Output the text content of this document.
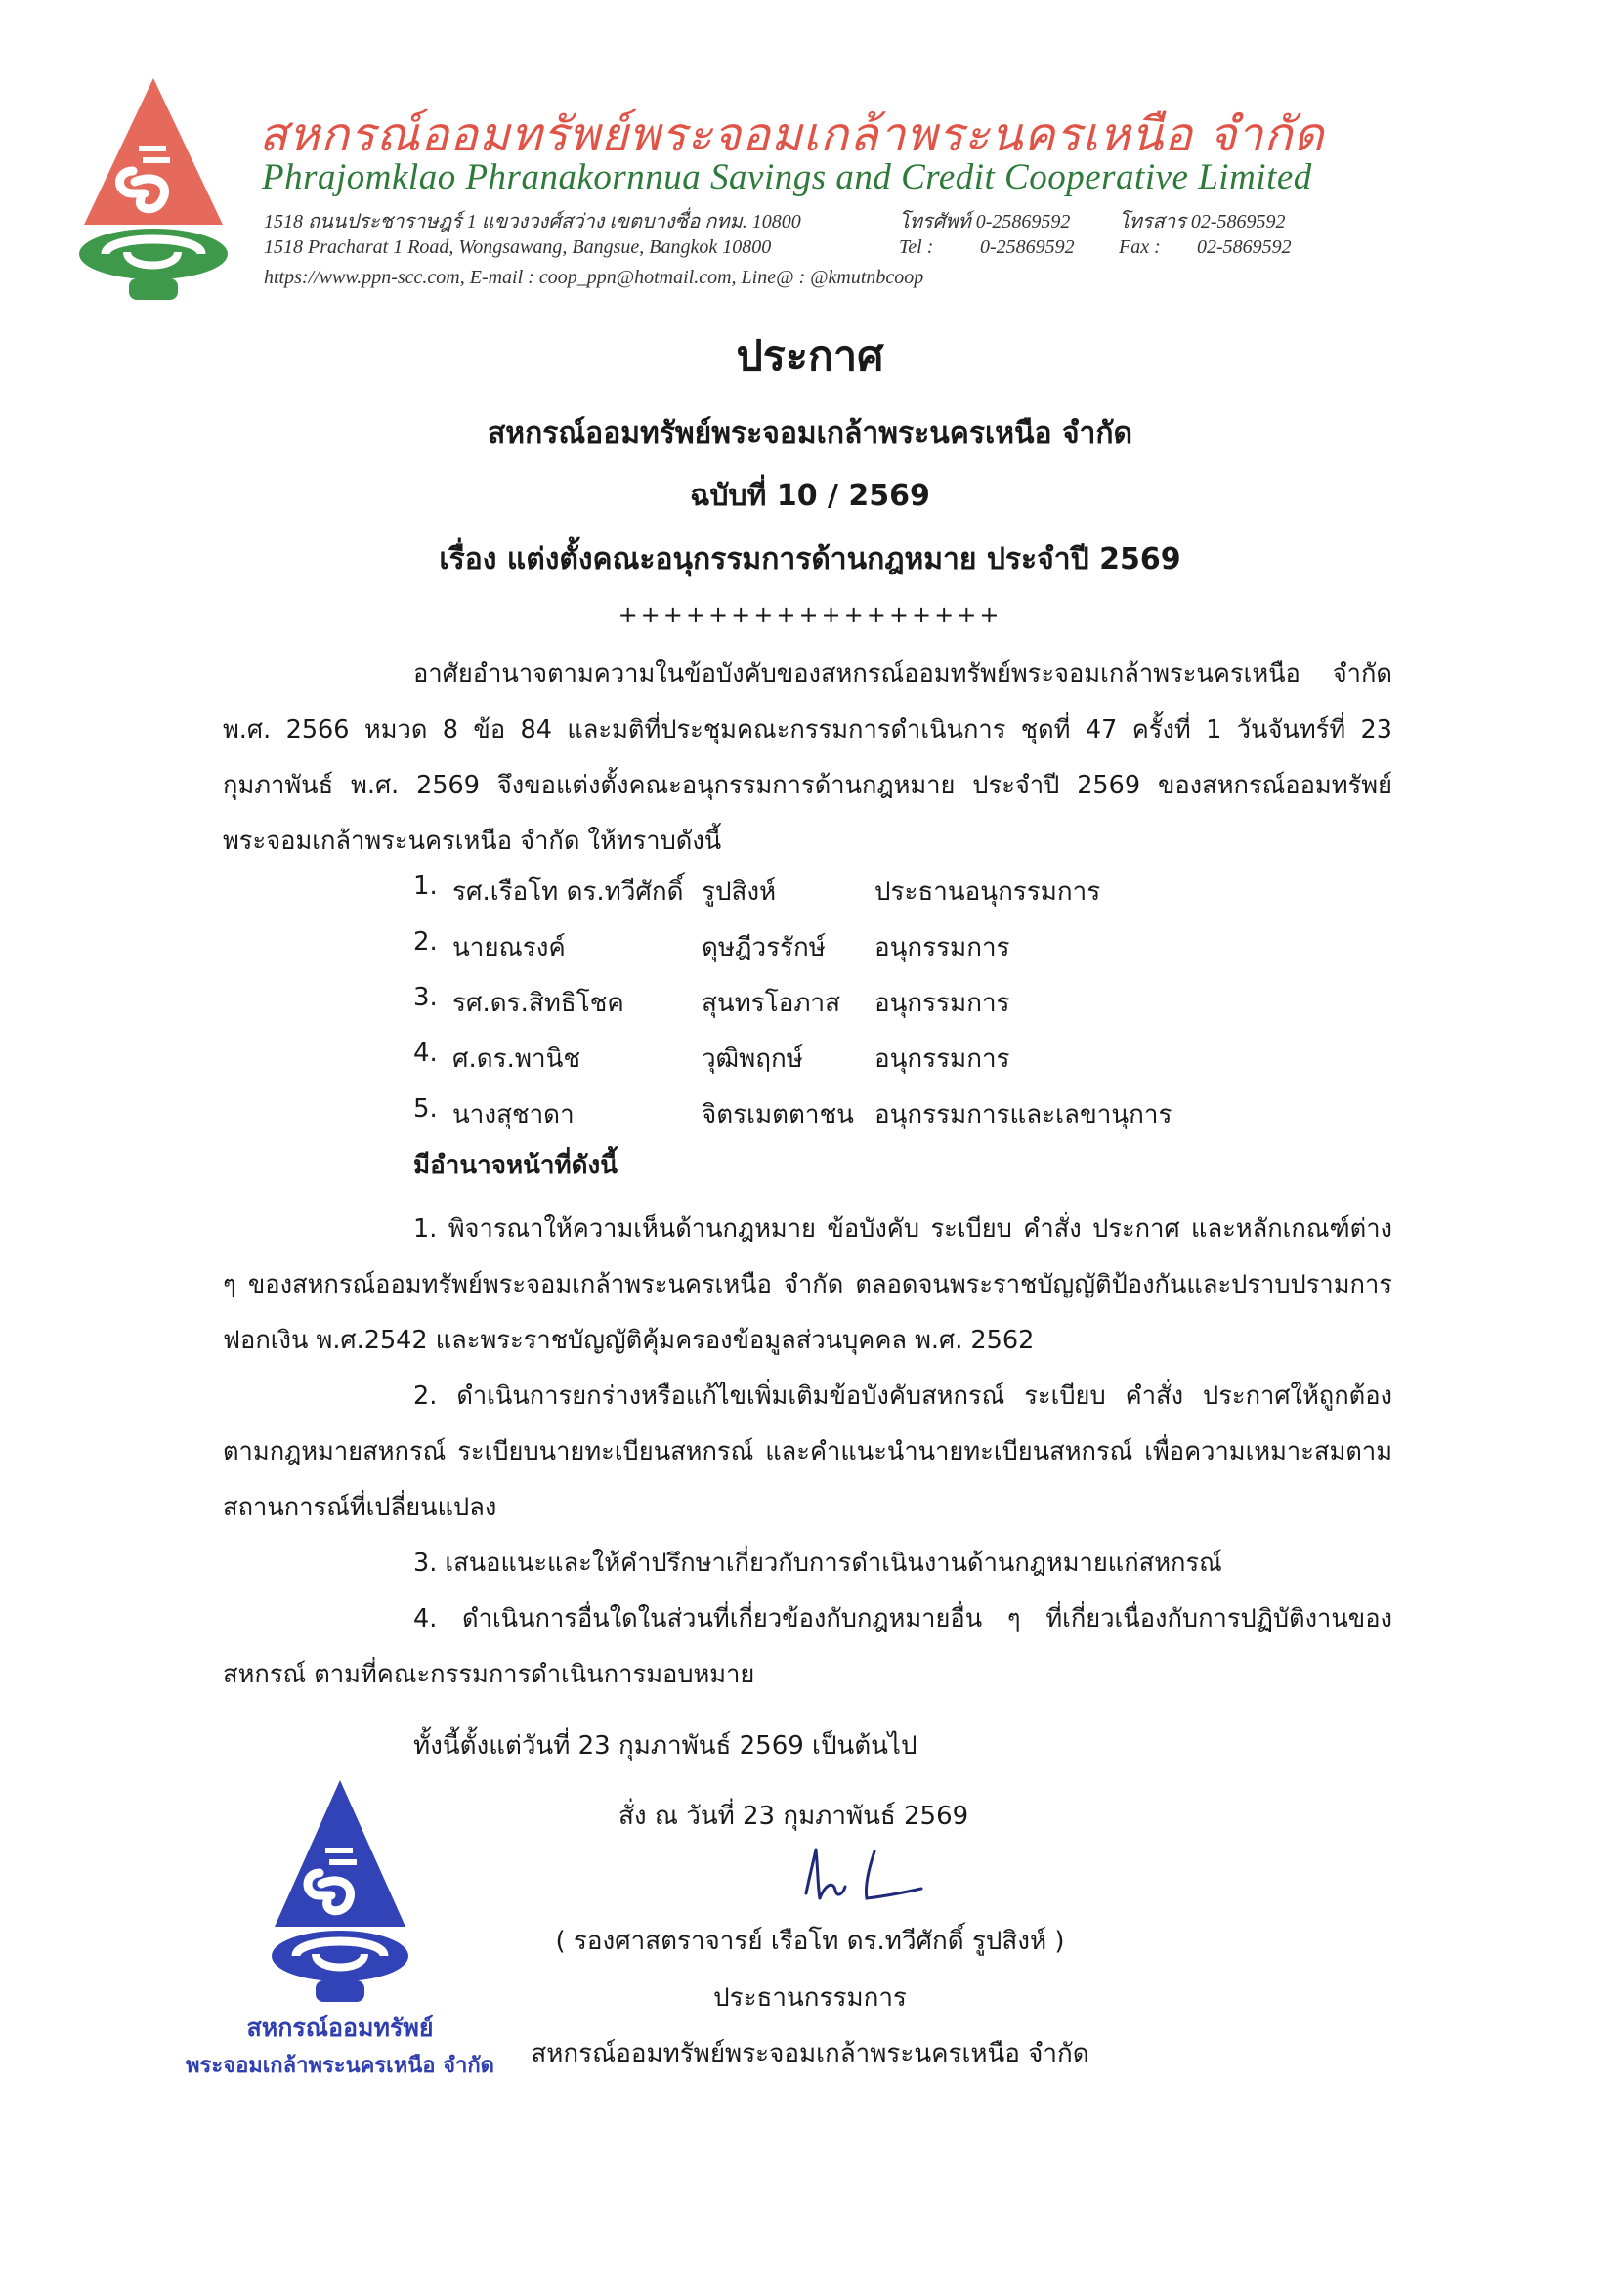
สหกรณ์ออมทรัพย์พระจอมเกล้าพระนครเหนือ จำกัด
Phrajomklao Phranakornnua Savings and Credit Cooperative Limited
1518 ถนนประชาราษฎร์ 1 แขวงวงศ์สว่าง เขตบางซื่อ กทม. 10800	โทรศัพท์ 0-25869592 โทรสาร 02-5869592
1518 Pracharat 1 Road, Wongsawang, Bangsue, Bangkok 10800	Tel : 0-25869592 Fax : 02-5869592
https://www.ppn-scc.com, E-mail : coop_ppn@hotmail.com, Line@ : @kmutnbcoop
ประกาศ
สหกรณ์ออมทรัพย์พระจอมเกล้าพระนครเหนือ จำกัด
ฉบับที่ 10 / 2569
เรื่อง แต่งตั้งคณะอนุกรรมการด้านกฎหมาย ประจำปี 2569
+++++++++++++++++
อาศัยอำนาจตามความในข้อบังคับของสหกรณ์ออมทรัพย์พระจอมเกล้าพระนครเหนือ จำกัด พ.ศ. 2566 หมวด 8 ข้อ 84 และมติที่ประชุมคณะกรรมการดำเนินการ ชุดที่ 47 ครั้งที่ 1 วันจันทร์ที่ 23 กุมภาพันธ์ พ.ศ. 2569 จึงขอแต่งตั้งคณะอนุกรรมการด้านกฎหมาย ประจำปี 2569 ของสหกรณ์ออมทรัพย์พระจอมเกล้าพระนครเหนือ จำกัด ให้ทราบดังนี้
1. รศ.เรือโท ดร.ทวีศักดิ์ รูปสิงห์	ประธานอนุกรรมการ
2. นายณรงค์	ดุษฎีวรรักษ์ อนุกรรมการ
3. รศ.ดร.สิทธิโชค	สุนทรโอภาส อนุกรรมการ
4. ศ.ดร.พานิช	วุฒิพฤกษ์	อนุกรรมการ
5. นางสุชาดา	จิตรเมตตาชน อนุกรรมการและเลขานุการ
มีอำนาจหน้าที่ดังนี้
1. พิจารณาให้ความเห็นด้านกฎหมาย ข้อบังคับ ระเบียบ คำสั่ง ประกาศ และหลักเกณฑ์ต่าง ๆ ของสหกรณ์ออมทรัพย์พระจอมเกล้าพระนครเหนือ จำกัด ตลอดจนพระราชบัญญัติป้องกันและปราบปรามการฟอกเงิน พ.ศ.2542 และพระราชบัญญัติคุ้มครองข้อมูลส่วนบุคคล พ.ศ. 2562
2. ดำเนินการยกร่างหรือแก้ไขเพิ่มเติมข้อบังคับสหกรณ์ ระเบียบ คำสั่ง ประกาศให้ถูกต้องตามกฎหมายสหกรณ์ ระเบียบนายทะเบียนสหกรณ์ และคำแนะนำนายทะเบียนสหกรณ์ เพื่อความเหมาะสมตามสถานการณ์ที่เปลี่ยนแปลง
3. เสนอแนะและให้คำปรึกษาเกี่ยวกับการดำเนินงานด้านกฎหมายแก่สหกรณ์
4. ดำเนินการอื่นใดในส่วนที่เกี่ยวข้องกับกฎหมายอื่น ๆ ที่เกี่ยวเนื่องกับการปฏิบัติงานของสหกรณ์ ตามที่คณะกรรมการดำเนินการมอบหมาย
ทั้งนี้ตั้งแต่วันที่ 23 กุมภาพันธ์ 2569 เป็นต้นไป
สั่ง ณ วันที่ 23 กุมภาพันธ์ 2569
( รองศาสตราจารย์ เรือโท ดร.ทวีศักดิ์ รูปสิงห์ )
ประธานกรรมการ
สหกรณ์ออมทรัพย์พระจอมเกล้าพระนครเหนือ จำกัด
สหกรณ์ออมทรัพย์
พระจอมเกล้าพระนครเหนือ จำกัด
